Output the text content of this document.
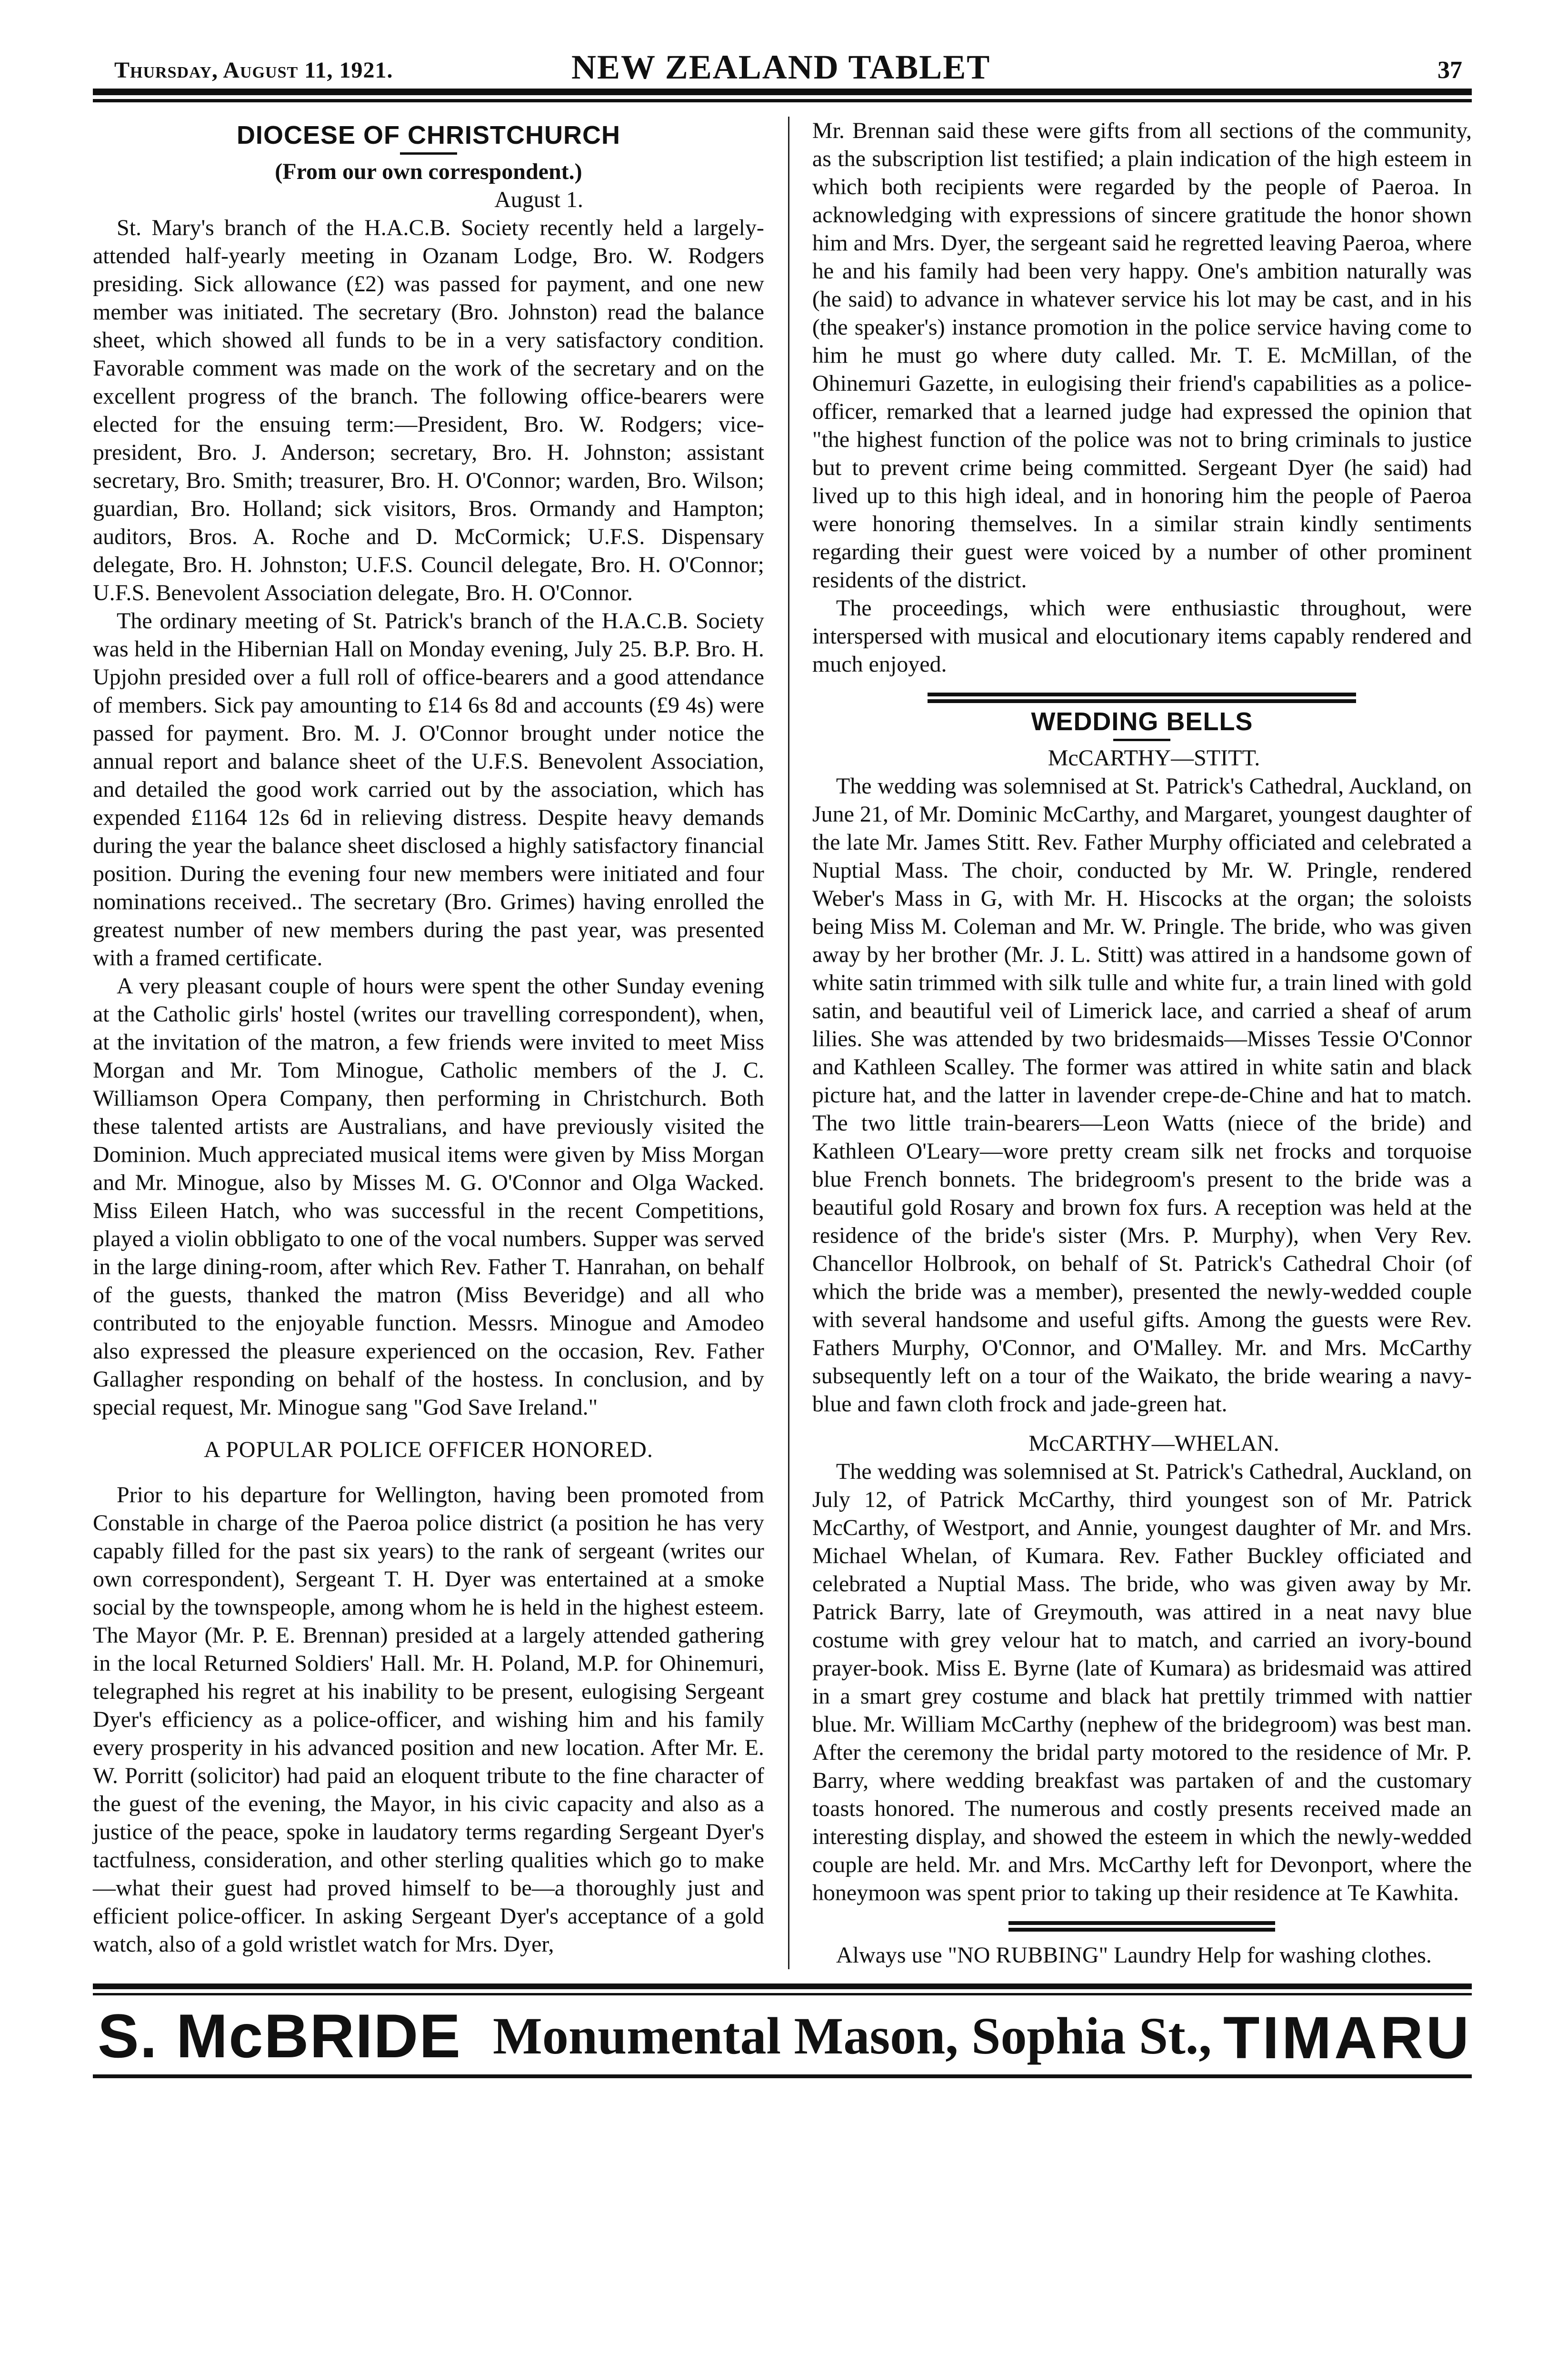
Thursday, August 11, 1921.	NEW ZEALAND TABLET	37
DIOCESE OF CHRISTCHURCH

(From our own correspondent.)

August 1.

St. Mary's branch of the H.A.C.B. Society recently held a largely-attended half-yearly meeting in Ozanam Lodge, Bro. W. Rodgers presiding. Sick allowance (£2) was passed for payment, and one new member was initiated. The secretary (Bro. Johnston) read the balance sheet, which showed all funds to be in a very satisfactory condition. Favorable comment was made on the work of the secretary and on the excellent progress of the branch. The following office-bearers were elected for the ensuing term:—President, Bro. W. Rodgers; vice-president, Bro. J. Anderson; secretary, Bro. H. Johnston; assistant secretary, Bro. Smith; treasurer, Bro. H. O'Connor; warden, Bro. Wilson; guardian, Bro. Holland; sick visitors, Bros. Ormandy and Hampton; auditors, Bros. A. Roche and D. McCormick; U.F.S. Dispensary delegate, Bro. H. Johnston; U.F.S. Council delegate, Bro. H. O'Connor; U.F.S. Benevolent Association delegate, Bro. H. O'Connor.

The ordinary meeting of St. Patrick's branch of the H.A.C.B. Society was held in the Hibernian Hall on Monday evening, July 25. B.P. Bro. H. Upjohn presided over a full roll of office-bearers and a good attendance of members. Sick pay amounting to £14 6s 8d and accounts (£9 4s) were passed for payment. Bro. M. J. O'Connor brought under notice the annual report and balance sheet of the U.F.S. Benevolent Association, and detailed the good work carried out by the association, which has expended £1164 12s 6d in relieving distress. Despite heavy demands during the year the balance sheet disclosed a highly satisfactory financial position. During the evening four new members were initiated and four nominations received.. The secretary (Bro. Grimes) having enrolled the greatest number of new members during the past year, was presented with a framed certificate.

A very pleasant couple of hours were spent the other Sunday evening at the Catholic girls' hostel (writes our travelling correspondent), when, at the invitation of the matron, a few friends were invited to meet Miss Morgan and Mr. Tom Minogue, Catholic members of the J. C. Williamson Opera Company, then performing in Christchurch. Both these talented artists are Australians, and have previously visited the Dominion. Much appreciated musical items were given by Miss Morgan and Mr. Minogue, also by Misses M. G. O'Connor and Olga Wacked. Miss Eileen Hatch, who was successful in the recent Competitions, played a violin obbligato to one of the vocal numbers. Supper was served in the large dining-room, after which Rev. Father T. Hanrahan, on behalf of the guests, thanked the matron (Miss Beveridge) and all who contributed to the enjoyable function. Messrs. Minogue and Amodeo also expressed the pleasure experienced on the occasion, Rev. Father Gallagher responding on behalf of the hostess. In conclusion, and by special request, Mr. Minogue sang "God Save Ireland."

A POPULAR POLICE OFFICER HONORED.

Prior to his departure for Wellington, having been promoted from Constable in charge of the Paeroa police district (a position he has very capably filled for the past six years) to the rank of sergeant (writes our own correspondent), Sergeant T. H. Dyer was entertained at a smoke social by the townspeople, among whom he is held in the highest esteem. The Mayor (Mr. P. E. Brennan) presided at a largely attended gathering in the local Returned Soldiers' Hall. Mr. H. Poland, M.P. for Ohinemuri, telegraphed his regret at his inability to be present, eulogising Sergeant Dyer's efficiency as a police-officer, and wishing him and his family every prosperity in his advanced position and new location. After Mr. E. W. Porritt (solicitor) had paid an eloquent tribute to the fine character of the guest of the evening, the Mayor, in his civic capacity and also as a justice of the peace, spoke in laudatory terms regarding Sergeant Dyer's tactfulness, consideration, and other sterling qualities which go to make—what their guest had proved himself to be—a thoroughly just and efficient police-officer. In asking Sergeant Dyer's acceptance of a gold watch, also of a gold wristlet watch for Mrs. Dyer,

Mr. Brennan said these were gifts from all sections of the community, as the subscription list testified; a plain indication of the high esteem in which both recipients were regarded by the people of Paeroa. In acknowledging with expressions of sincere gratitude the honor shown him and Mrs. Dyer, the sergeant said he regretted leaving Paeroa, where he and his family had been very happy. One's ambition naturally was (he said) to advance in whatever service his lot may be cast, and in his (the speaker's) instance promotion in the police service having come to him he must go where duty called. Mr. T. E. McMillan, of the Ohinemuri Gazette, in eulogising their friend's capabilities as a police-officer, remarked that a learned judge had expressed the opinion that "the highest function of the police was not to bring criminals to justice but to prevent crime being committed. Sergeant Dyer (he said) had lived up to this high ideal, and in honoring him the people of Paeroa were honoring themselves. In a similar strain kindly sentiments regarding their guest were voiced by a number of other prominent residents of the district.

The proceedings, which were enthusiastic throughout, were interspersed with musical and elocutionary items capably rendered and much enjoyed.

WEDDING BELLS

McCARTHY—STITT.

The wedding was solemnised at St. Patrick's Cathedral, Auckland, on June 21, of Mr. Dominic McCarthy, and Margaret, youngest daughter of the late Mr. James Stitt. Rev. Father Murphy officiated and celebrated a Nuptial Mass. The choir, conducted by Mr. W. Pringle, rendered Weber's Mass in G, with Mr. H. Hiscocks at the organ; the soloists being Miss M. Coleman and Mr. W. Pringle. The bride, who was given away by her brother (Mr. J. L. Stitt) was attired in a handsome gown of white satin trimmed with silk tulle and white fur, a train lined with gold satin, and beautiful veil of Limerick lace, and carried a sheaf of arum lilies. She was attended by two bridesmaids—Misses Tessie O'Connor and Kathleen Scalley. The former was attired in white satin and black picture hat, and the latter in lavender crepe-de-Chine and hat to match. The two little train-bearers—Leon Watts (niece of the bride) and Kathleen O'Leary—wore pretty cream silk net frocks and torquoise blue French bonnets. The bridegroom's present to the bride was a beautiful gold Rosary and brown fox furs. A reception was held at the residence of the bride's sister (Mrs. P. Murphy), when Very Rev. Chancellor Holbrook, on behalf of St. Patrick's Cathedral Choir (of which the bride was a member), presented the newly-wedded couple with several handsome and useful gifts. Among the guests were Rev. Fathers Murphy, O'Connor, and O'Malley. Mr. and Mrs. McCarthy subsequently left on a tour of the Waikato, the bride wearing a navy-blue and fawn cloth frock and jade-green hat.

McCARTHY—WHELAN.

The wedding was solemnised at St. Patrick's Cathedral, Auckland, on July 12, of Patrick McCarthy, third youngest son of Mr. Patrick McCarthy, of Westport, and Annie, youngest daughter of Mr. and Mrs. Michael Whelan, of Kumara. Rev. Father Buckley officiated and celebrated a Nuptial Mass. The bride, who was given away by Mr. Patrick Barry, late of Greymouth, was attired in a neat navy blue costume with grey velour hat to match, and carried an ivory-bound prayer-book. Miss E. Byrne (late of Kumara) as bridesmaid was attired in a smart grey costume and black hat prettily trimmed with nattier blue. Mr. William McCarthy (nephew of the bridegroom) was best man. After the ceremony the bridal party motored to the residence of Mr. P. Barry, where wedding breakfast was partaken of and the customary toasts honored. The numerous and costly presents received made an interesting display, and showed the esteem in which the newly-wedded couple are held. Mr. and Mrs. McCarthy left for Devonport, where the honeymoon was spent prior to taking up their residence at Te Kawhita.

Always use "NO RUBBING" Laundry Help for washing clothes.

S. McBRIDE Monumental Mason, Sophia St., TIMARU
